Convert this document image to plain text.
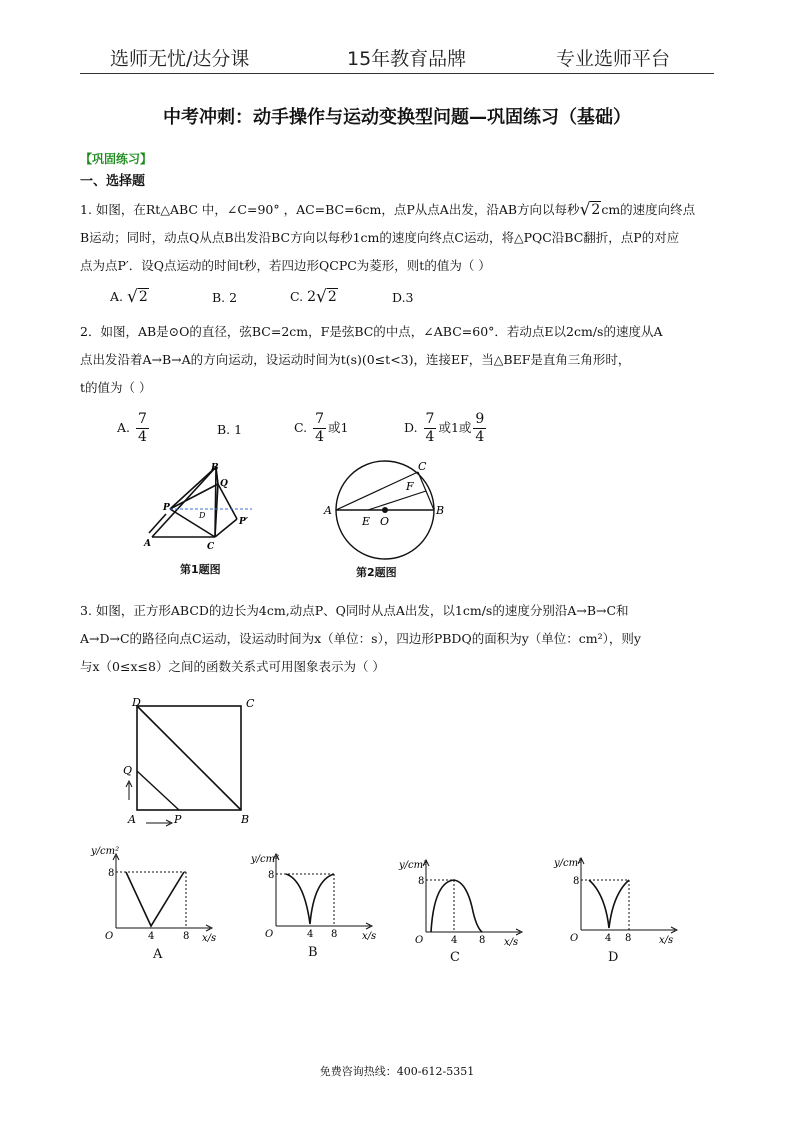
选师无忧/达分课	15年教育品牌	专业选师平台
中考冲刺：动手操作与运动变换型问题—巩固练习（基础）
【巩固练习】
一、选择题
1. 如图，在Rt△ABC 中，∠C=90° ，AC=BC=6cm，点P从点A出发，沿AB方向以每秒√2cm的速度向终点
B运动；同时，动点Q从点B出发沿BC方向以每秒1cm的速度向终点C运动，将△PQC沿BC翻折，点P的对应
点为点P′．设Q点运动的时间t秒，若四边形QCPC为菱形，则t的值为（ ）
A. √2	B. 2	C. 2√2	D.3
2．如图，AB是⊙O的直径，弦BC=2cm，F是弦BC的中点，∠ABC=60°．若动点E以2cm/s的速度从A
点出发沿着A→B→A的方向运动，设运动时间为t(s)(0≤t<3)，连接EF，当△BEF是直角三角形时，
t的值为（ ）
A. $\frac{7}{4}$	B. 1	C. $\frac{7}{4}$ 或1	D. $\frac{7}{4}$ 或1或 $\frac{9}{4}$
A
B
C
P
Q
D
P′
第1题图
A	B
C
E O
F
第2题图
3. 如图，正方形ABCD的边长为4cm,动点P、Q同时从点A出发，以1cm/s的速度分别沿A→B→C和
A→D→C的路径向点C运动，设运动时间为x（单位：s），四边形PBDQ的面积为y（单位：cm²），则y
与x（0≤x≤8）之间的函数关系式可用图象表示为（ ）
D	C
Q
A	P	B
y/cm²
8
O	4	8 x/s
A
y/cm²
8
O	4 8 x/s
B
y/cm²
8
O	4 8 x/s
C
y/cm²
8
O	4 8	x/s
D
免费咨询热线：400-612-5351
